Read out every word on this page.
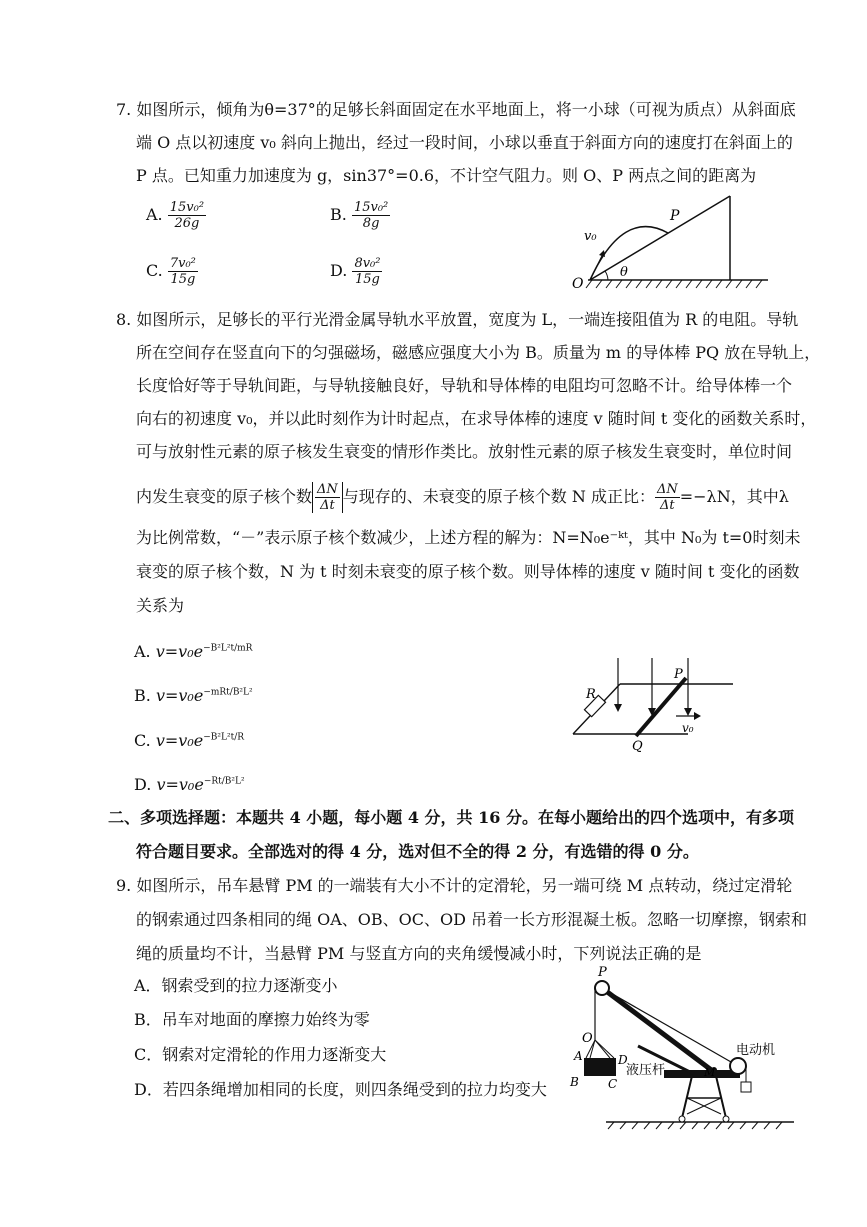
7. 如图所示，倾角为θ=37°的足够长斜面固定在水平地面上，将一小球（可视为质点）从斜面底
端 O 点以初速度 v₀ 斜向上抛出，经过一段时间，小球以垂直于斜面方向的速度打在斜面上的
P 点。已知重力加速度为 g，sin37°=0.6，不计空气阻力。则 O、P 两点之间的距离为
A. $\frac{\text{15v₀²}}{26g}$	B. $\frac{\text{15v₀²}}{8g}$
C. $\frac{\text{7v₀²}}{15g}$	D. $\frac{\text{8v₀²}}{15g}$
v₀
P
O
θ
8. 如图所示，足够长的平行光滑金属导轨水平放置，宽度为 L，一端连接阻值为 R 的电阻。导轨
所在空间存在竖直向下的匀强磁场，磁感应强度大小为 B。质量为 m 的导体棒 PQ 放在导轨上，
长度恰好等于导轨间距，与导轨接触良好，导轨和导体棒的电阻均可忽略不计。给导体棒一个
向右的初速度 v₀，并以此时刻作为计时起点，在求导体棒的速度 v 随时间 t 变化的函数关系时，
可与放射性元素的原子核发生衰变的情形作类比。放射性元素的原子核发生衰变时，单位时间
内发生衰变的原子核个数 $\frac{\Delta N}{\Delta t}$ 与现存的、未衰变的原子核个数 N 成正比： $\frac{\Delta N}{\Delta t} =-\lambda N$，其中λ
为比例常数，“－”表示原子核个数减少，上述方程的解为：N=N₀e⁻ᵏᵗ，其中 N₀为 t=0时刻未
衰变的原子核个数，N 为 t 时刻未衰变的原子核个数。则导体棒的速度 v 随时间 t 变化的函数
关系为
A. $v=v_0e^{-B^2L^2t/mR}$
B. $v=v_0e^{-mRt/B^2L^2}$
C. $v=v_0e^{-B^2L^2t/R}$
D. $v=v_0e^{-Rt/B^2L^2}$
R
P
Q
v₀
二、多项选择题：本题共 4 小题，每小题 4 分，共 16 分。在每小题给出的四个选项中，有多项
符合题目要求。全部选对的得 4 分，选对但不全的得 2 分，有选错的得 0 分。
9. 如图所示，吊车悬臂 PM 的一端装有大小不计的定滑轮，另一端可绕 M 点转动，绕过定滑轮
的钢索通过四条相同的绳 OA、OB、OC、OD 吊着一长方形混凝土板。忽略一切摩擦，钢索和
绳的质量均不计，当悬臂 PM 与竖直方向的夹角缓慢减小时，下列说法正确的是
A．钢索受到的拉力逐渐变小
B．吊车对地面的摩擦力始终为零
C．钢索对定滑轮的作用力逐渐变大
D．若四条绳增加相同的长度，则四条绳受到的拉力均变大
P
O
A
B C
D
液压杆	M
电动机
